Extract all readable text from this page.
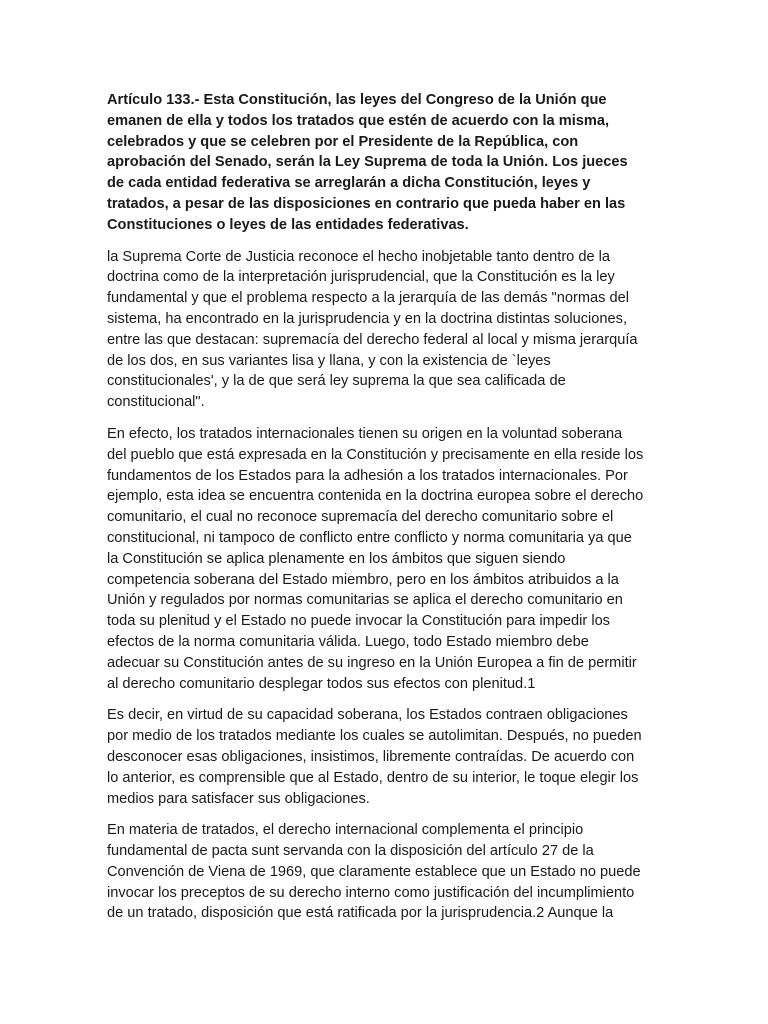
Artículo 133.- Esta Constitución, las leyes del Congreso de la Unión que
emanen de ella y todos los tratados que estén de acuerdo con la misma,
celebrados y que se celebren por el Presidente de la República, con
aprobación del Senado, serán la Ley Suprema de toda la Unión. Los jueces
de cada entidad federativa se arreglarán a dicha Constitución, leyes y
tratados, a pesar de las disposiciones en contrario que pueda haber en las
Constituciones o leyes de las entidades federativas.

la Suprema Corte de Justicia reconoce el hecho inobjetable tanto dentro de la
doctrina como de la interpretación jurisprudencial, que la Constitución es la ley
fundamental y que el problema respecto a la jerarquía de las demás "normas del
sistema, ha encontrado en la jurisprudencia y en la doctrina distintas soluciones,
entre las que destacan: supremacía del derecho federal al local y misma jerarquía
de los dos, en sus variantes lisa y llana, y con la existencia de `leyes
constitucionales', y la de que será ley suprema la que sea calificada de
constitucional".

En efecto, los tratados internacionales tienen su origen en la voluntad soberana
del pueblo que está expresada en la Constitución y precisamente en ella reside los
fundamentos de los Estados para la adhesión a los tratados internacionales. Por
ejemplo, esta idea se encuentra contenida en la doctrina europea sobre el derecho
comunitario, el cual no reconoce supremacía del derecho comunitario sobre el
constitucional, ni tampoco de conflicto entre conflicto y norma comunitaria ya que
la Constitución se aplica plenamente en los ámbitos que siguen siendo
competencia soberana del Estado miembro, pero en los ámbitos atribuidos a la
Unión y regulados por normas comunitarias se aplica el derecho comunitario en
toda su plenitud y el Estado no puede invocar la Constitución para impedir los
efectos de la norma comunitaria válida. Luego, todo Estado miembro debe
adecuar su Constitución antes de su ingreso en la Unión Europea a fin de permitir
al derecho comunitario desplegar todos sus efectos con plenitud.1

Es decir, en virtud de su capacidad soberana, los Estados contraen obligaciones
por medio de los tratados mediante los cuales se autolimitan. Después, no pueden
desconocer esas obligaciones, insistimos, libremente contraídas. De acuerdo con
lo anterior, es comprensible que al Estado, dentro de su interior, le toque elegir los
medios para satisfacer sus obligaciones.

En materia de tratados, el derecho internacional complementa el principio
fundamental de pacta sunt servanda con la disposición del artículo 27 de la
Convención de Viena de 1969, que claramente establece que un Estado no puede
invocar los preceptos de su derecho interno como justificación del incumplimiento
de un tratado, disposición que está ratificada por la jurisprudencia.2 Aunque la
